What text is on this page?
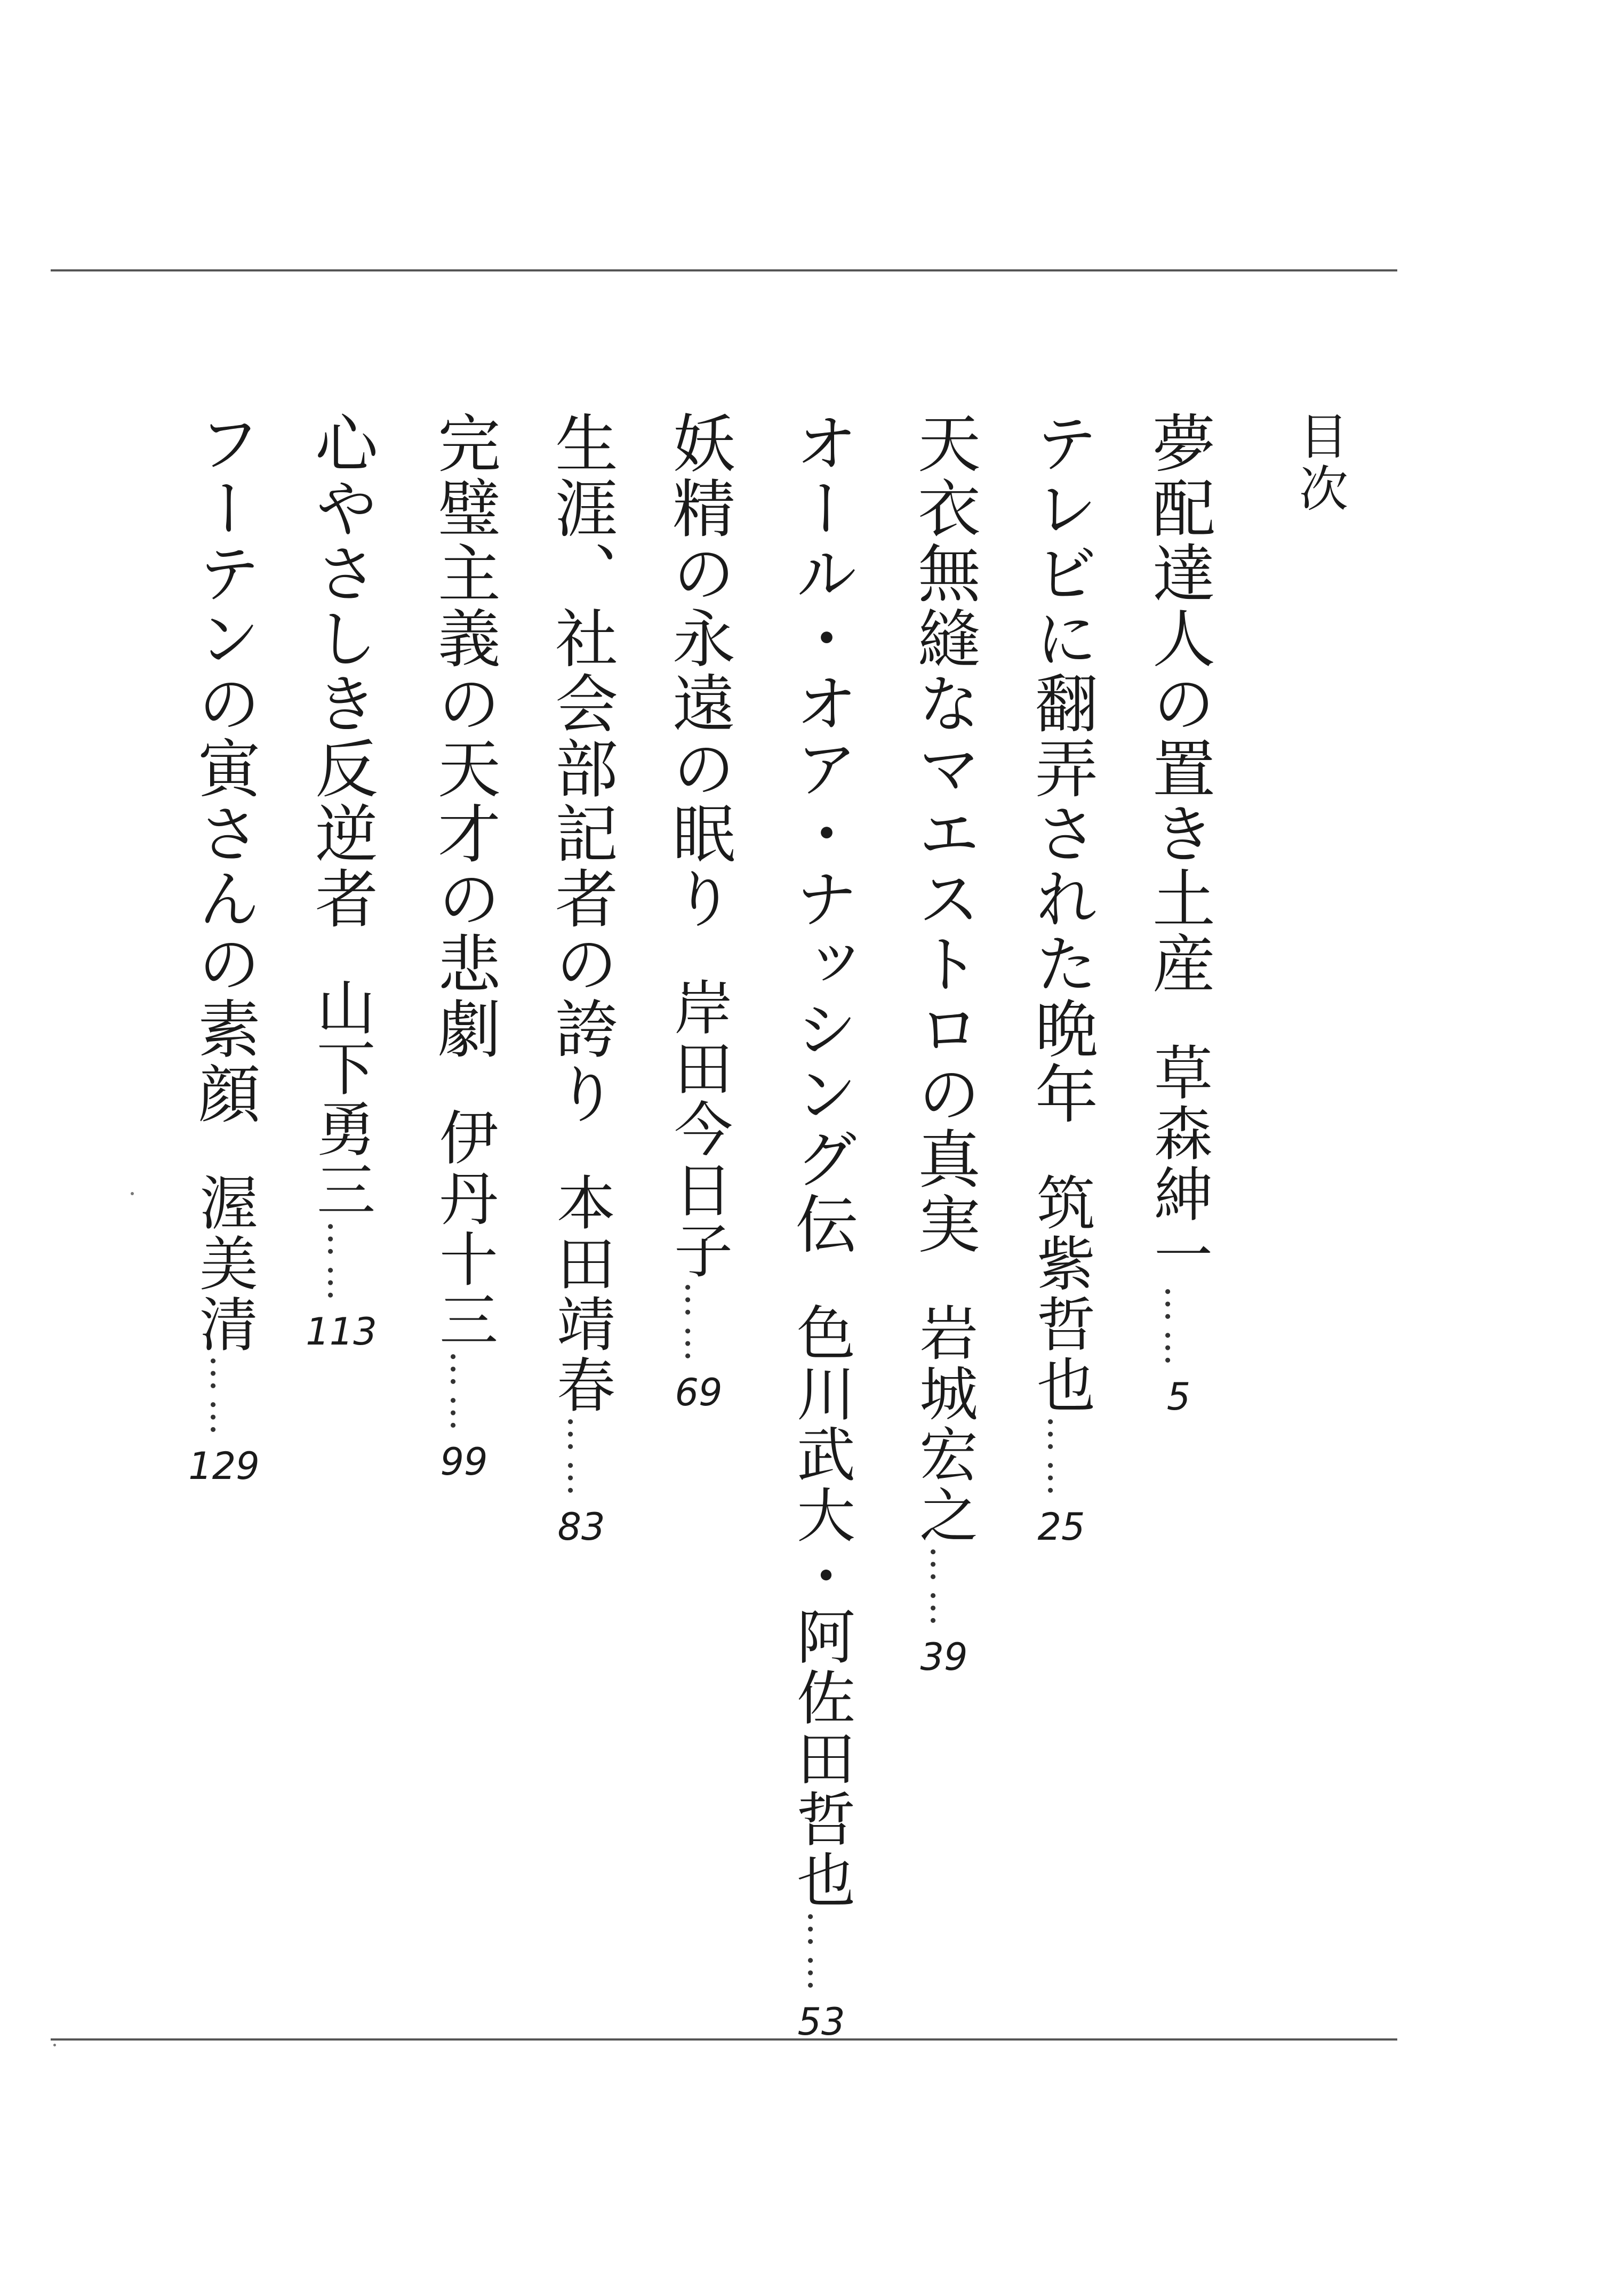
目次
夢配達人の置き土産草森紳一……5
テレビに翻弄された晩年筑紫哲也……25
天衣無縫なマエストロの真実岩城宏之……39
オール・オア・ナッシング伝色川武大・阿佐田哲也……53
妖精の永遠の眠り岸田今日子……69
生涯、社会部記者の誇り本田靖春……83
完璧主義の天才の悲劇伊丹十三……99
心やさしき反逆者山下勇三……113
フーテンの寅さんの素顔渥美清……129
